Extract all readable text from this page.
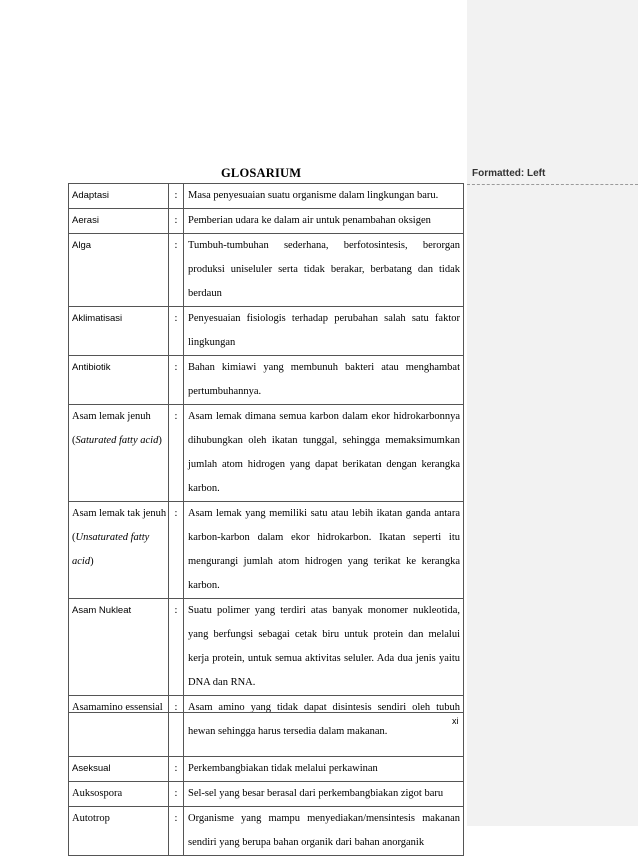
Formatted: Left
GLOSARIUM
Adaptasi	:	Masa penyesuaian suatu organisme dalam lingkungan baru.
Aerasi	:	Pemberian udara ke dalam air untuk penambahan oksigen
Alga	:	Tumbuh-tumbuhan sederhana, berfotosintesis, berorgan produksi uniseluler serta tidak berakar, berbatang dan tidak berdaun
Aklimatisasi	:	Penyesuaian fisiologis terhadap perubahan salah satu faktor lingkungan
Antibiotik	:	Bahan kimiawi yang membunuh bakteri atau menghambat pertumbuhannya.
Asam lemak jenuh
(Saturated fatty acid)	:	Asam lemak dimana semua karbon dalam ekor hidrokarbonnya dihubungkan oleh ikatan tunggal, sehingga memaksimumkan jumlah atom hidrogen yang dapat berikatan dengan kerangka karbon.
Asam lemak tak jenuh (Unsaturated fatty acid)	:	Asam lemak yang memiliki satu atau lebih ikatan ganda antara karbon-karbon dalam ekor hidrokarbon. Ikatan seperti itu mengurangi jumlah atom hidrogen yang terikat ke kerangka karbon.
Asam Nukleat	:	Suatu polimer yang terdiri atas banyak monomer nukleotida, yang berfungsi sebagai cetak biru untuk protein dan melalui kerja protein, untuk semua aktivitas seluler. Ada dua jenis yaitu DNA dan RNA.
Asamamino essensial	:	Asam amino yang tidak dapat disintesis sendiri oleh tubuh hewan sehingga harus tersedia dalam makanan.
Aseksual	:	Perkembangbiakan tidak melalui perkawinan
Auksospora	:	Sel-sel yang besar berasal dari perkembangbiakan zigot baru
Autotrop	:	Organisme yang mampu menyediakan/mensintesis makanan sendiri yang berupa bahan organik dari bahan anorganik
xi
